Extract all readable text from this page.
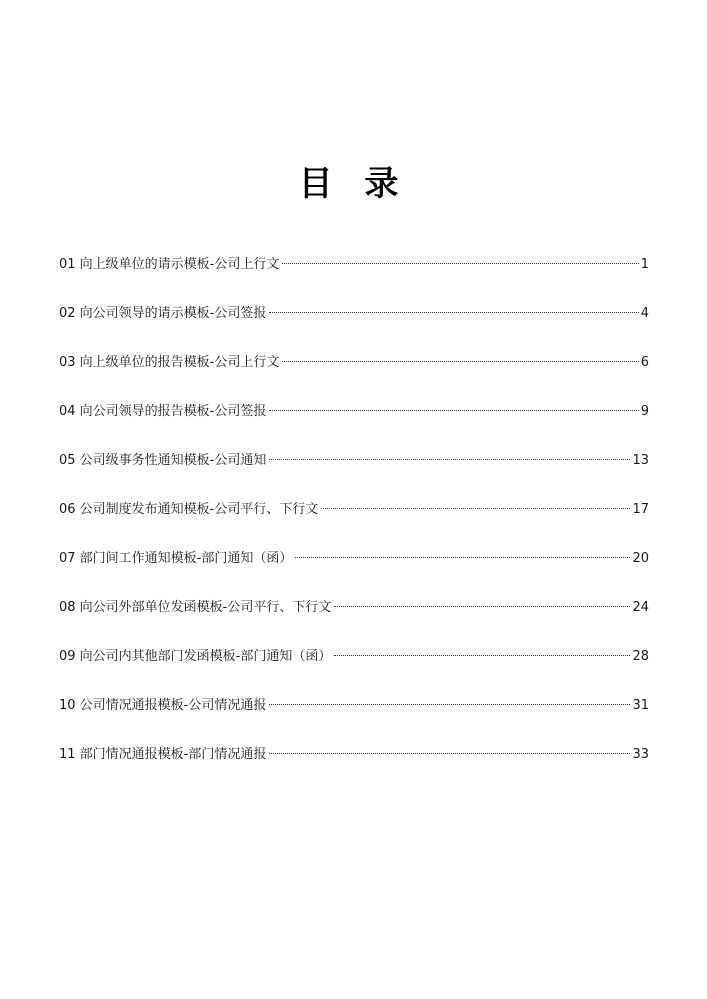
目 录
01 向上级单位的请示模板-公司上行文	1
02 向公司领导的请示模板-公司签报	4
03 向上级单位的报告模板-公司上行文	6
04 向公司领导的报告模板-公司签报	9
05 公司级事务性通知模板-公司通知	13
06 公司制度发布通知模板-公司平行、下行文	17
07 部门间工作通知模板-部门通知（函）	20
08 向公司外部单位发函模板-公司平行、下行文	24
09 向公司内其他部门发函模板-部门通知（函）	28
10 公司情况通报模板-公司情况通报	31
11 部门情况通报模板-部门情况通报	33
